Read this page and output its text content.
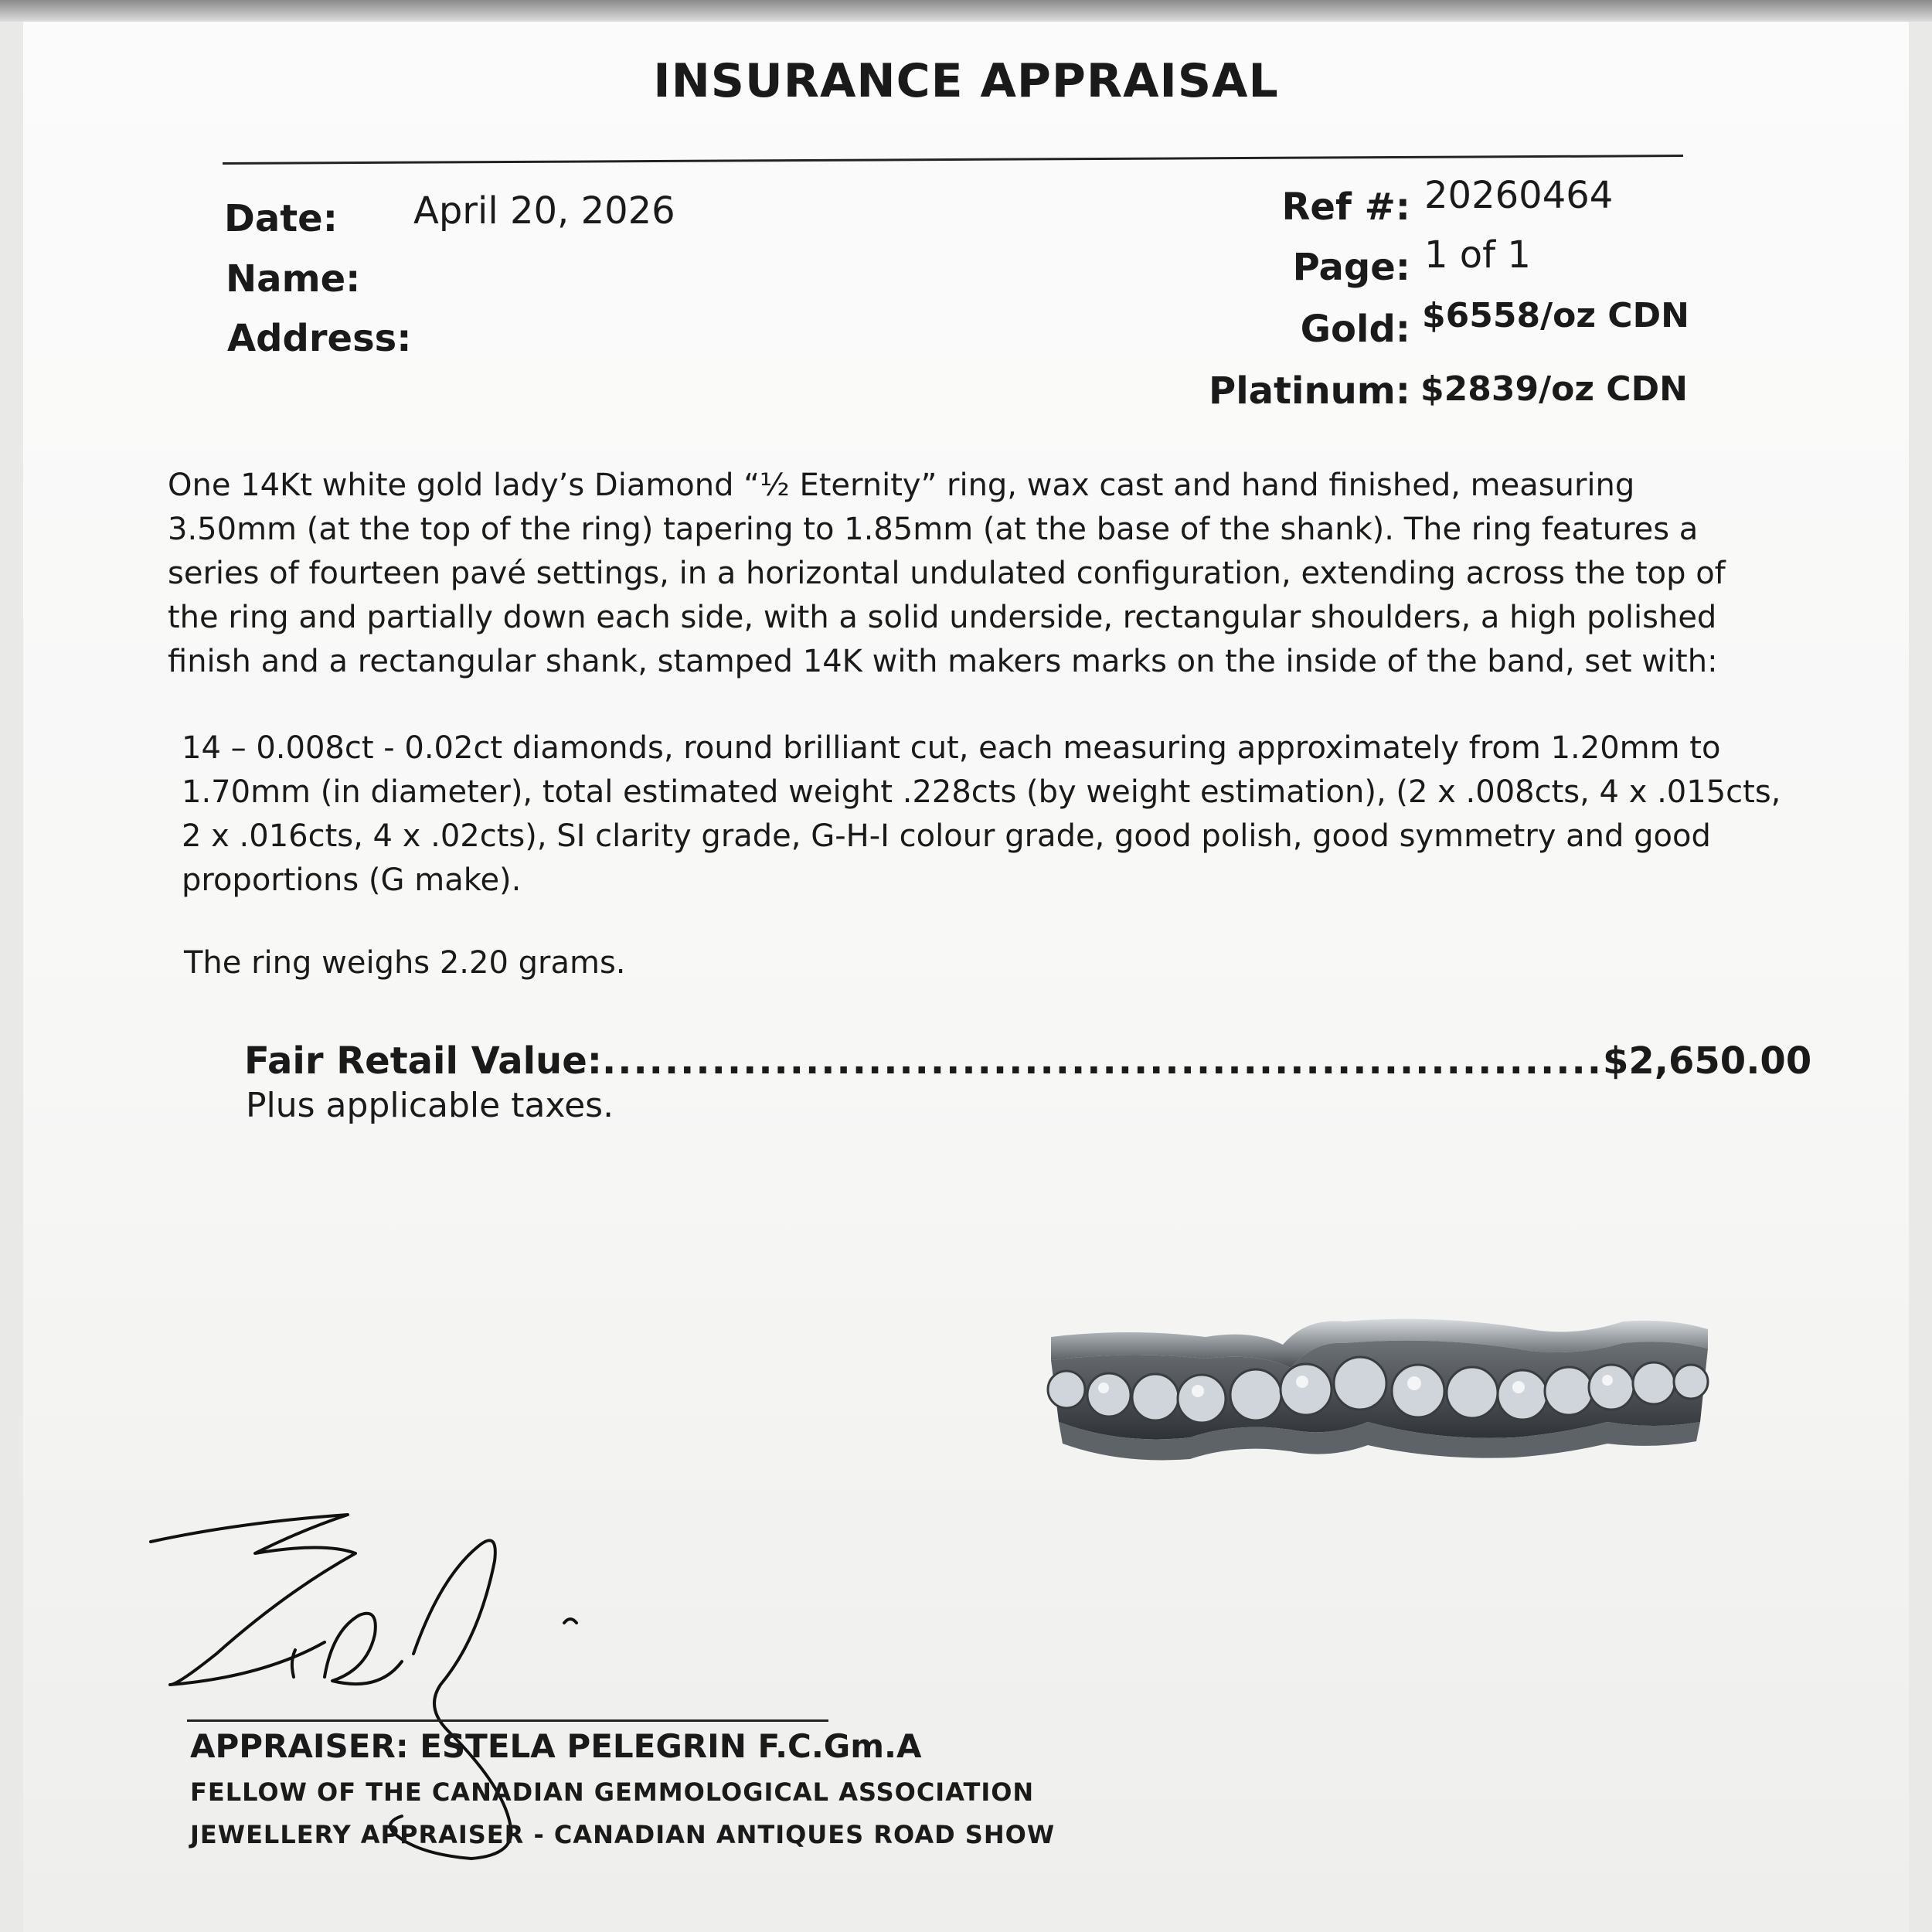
INSURANCE APPRAISAL
Date: April 20, 2026
Name:
Address:
Ref #: 20260464
Page: 1 of 1
Gold: $6558/oz CDN
Platinum: $2839/oz CDN
One 14Kt white gold lady’s Diamond “½ Eternity” ring, wax cast and hand finished, measuring
3.50mm (at the top of the ring) tapering to 1.85mm (at the base of the shank). The ring features a
series of fourteen pavé settings, in a horizontal undulated configuration, extending across the top of
the ring and partially down each side, with a solid underside, rectangular shoulders, a high polished
finish and a rectangular shank, stamped 14K with makers marks on the inside of the band, set with:
14 – 0.008ct - 0.02ct diamonds, round brilliant cut, each measuring approximately from 1.20mm to
1.70mm (in diameter), total estimated weight .228cts (by weight estimation), (2 x .008cts, 4 x .015cts,
2 x .016cts, 4 x .02cts), SI clarity grade, G-H-I colour grade, good polish, good symmetry and good
proportions (G make).
The ring weighs 2.20 grams.
Fair Retail Value:................................................................$2,650.00
Plus applicable taxes.
APPRAISER: ESTELA PELEGRIN F.C.Gm.A
FELLOW OF THE CANADIAN GEMMOLOGICAL ASSOCIATION
JEWELLERY APPRAISER - CANADIAN ANTIQUES ROAD SHOW
